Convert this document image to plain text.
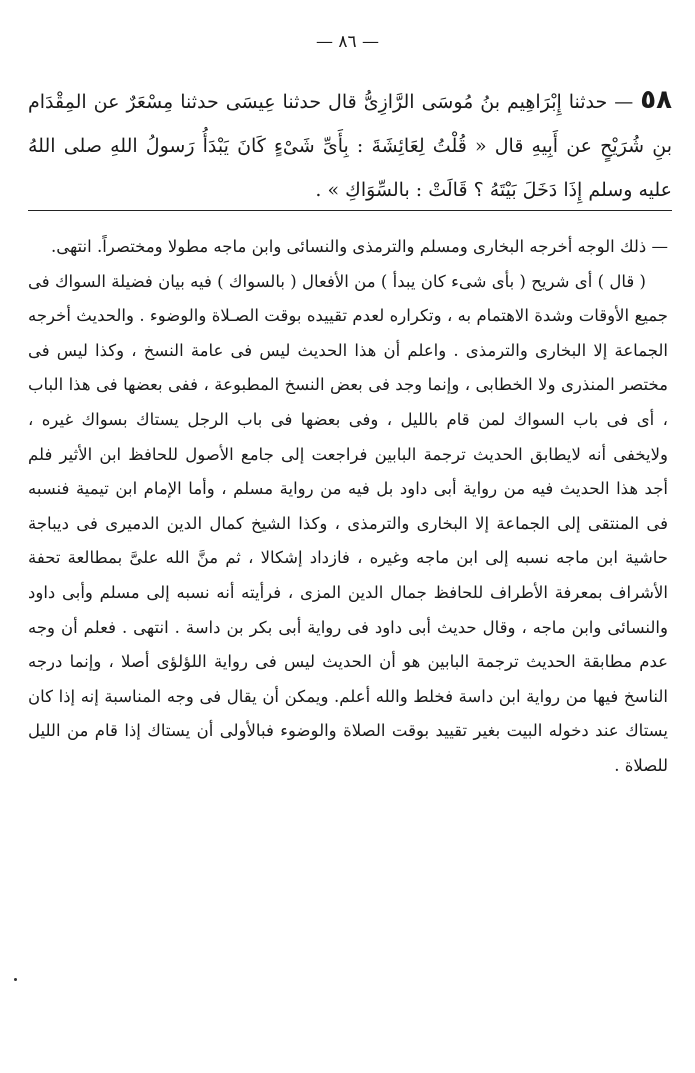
— ٨٦ —
٥٨ — حدثنا إِبْرَاهِيم بنُ مُوسَى الرَّازِىُّ قال حدثنا عِيسَى حدثنا مِسْعَرٌ عن المِقْدَام بنِ شُرَيْحٍ عن أَبِيهِ قال « قُلْتُ لِعَائِشَةَ : بِأَىِّ شَىْءٍ كَانَ يَبْدَأُ رَسولُ اللهِ صلى اللهُ عليه وسلم إِذَا دَخَلَ بَيْتَهُ ؟ قَالَتْ : بالسِّوَاكِ » .

— ذلك الوجه أخرجه البخارى ومسلم والترمذى والنسائى وابن ماجه مطولا ومختصراً. انتهى.

( قال ) أى شريح ( بأى شىء كان يبدأ ) من الأفعال ( بالسواك ) فيه بيان فضيلة السواك فى جميع الأوقات وشدة الاهتمام به ، وتكراره لعدم تقييده بوقت الصـلاة والوضوء . والحديث أخرجه الجماعة إلا البخارى والترمذى . واعلم أن هذا الحديث ليس فى عامة النسخ ، وكذا ليس فى مختصر المنذرى ولا الخطابى ، وإنما وجد فى بعض النسخ المطبوعة ، ففى بعضها فى هذا الباب ، أى فى باب السواك لمن قام بالليل ، وفى بعضها فى باب الرجل يستاك بسواك غيره ، ولايخفى أنه لايطابق الحديث ترجمة البابين فراجعت إلى جامع الأصول للحافظ ابن الأثير فلم أجد هذا الحديث فيه من رواية أبى داود بل فيه من رواية مسلم ، وأما الإمام ابن تيمية فنسبه فى المنتقى إلى الجماعة إلا البخارى والترمذى ، وكذا الشيخ كمال الدين الدميرى فى ديباجة حاشية ابن ماجه نسبه إلى ابن ماجه وغيره ، فازداد إشكالا ، ثم منَّ الله علىَّ بمطالعة تحفة الأشراف بمعرفة الأطراف للحافظ جمال الدين المزى ، فرأيته أنه نسبه إلى مسلم وأبى داود والنسائى وابن ماجه ، وقال حديث أبى داود فى رواية أبى بكر بن داسة . انتهى . فعلم أن وجه عدم مطابقة الحديث ترجمة البابين هو أن الحديث ليس فى رواية اللؤلؤى أصلا ، وإنما درجه الناسخ فيها من رواية ابن داسة فخلط والله أعلم. ويمكن أن يقال فى وجه المناسبة إنه إذا كان يستاك عند دخوله البيت بغير تقييد بوقت الصلاة والوضوء فبالأولى أن يستاك إذا قام من الليل للصلاة .
